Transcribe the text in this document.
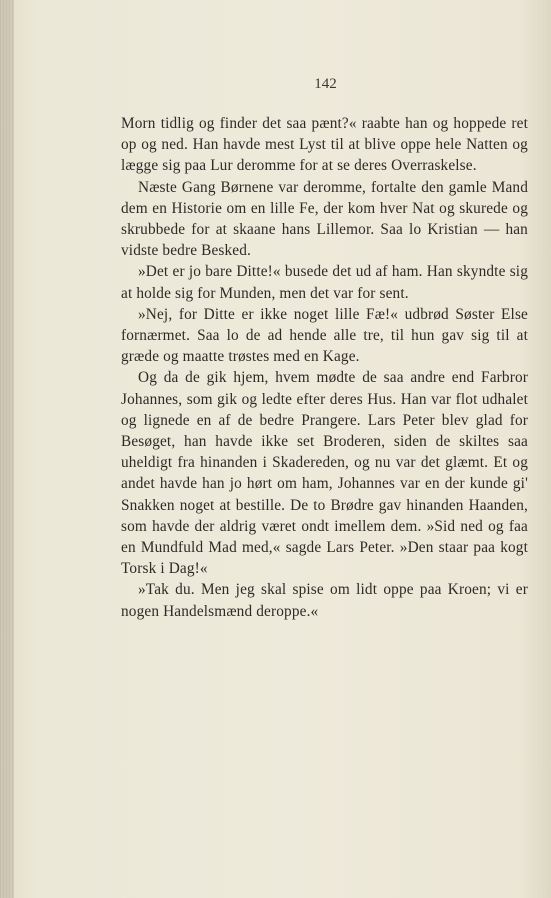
142

Morn tidlig og finder det saa pænt?« raabte han og hoppede ret op og ned. Han havde mest Lyst til at blive oppe hele Natten og lægge sig paa Lur deromme for at se deres Overraskelse.

Næste Gang Børnene var deromme, fortalte den gamle Mand dem en Historie om en lille Fe, der kom hver Nat og skurede og skrubbede for at skaane hans Lillemor. Saa lo Kristian — han vidste bedre Besked.

»Det er jo bare Ditte!« busede det ud af ham. Han skyndte sig at holde sig for Munden, men det var for sent.

»Nej, for Ditte er ikke noget lille Fæ!« udbrød Søster Else fornærmet. Saa lo de ad hende alle tre, til hun gav sig til at græde og maatte trøstes med en Kage.

Og da de gik hjem, hvem mødte de saa andre end Farbror Johannes, som gik og ledte efter deres Hus. Han var flot udhalet og lignede en af de bedre Prangere. Lars Peter blev glad for Besøget, han havde ikke set Broderen, siden de skiltes saa uheldigt fra hinanden i Skadereden, og nu var det glæmt. Et og andet havde han jo hørt om ham, Johannes var en der kunde gi' Snakken noget at bestille. De to Brødre gav hinanden Haanden, som havde der aldrig været ondt imellem dem. »Sid ned og faa en Mundfuld Mad med,« sagde Lars Peter. »Den staar paa kogt Torsk i Dag!«

»Tak du. Men jeg skal spise om lidt oppe paa Kroen; vi er nogen Handelsmænd deroppe.«
